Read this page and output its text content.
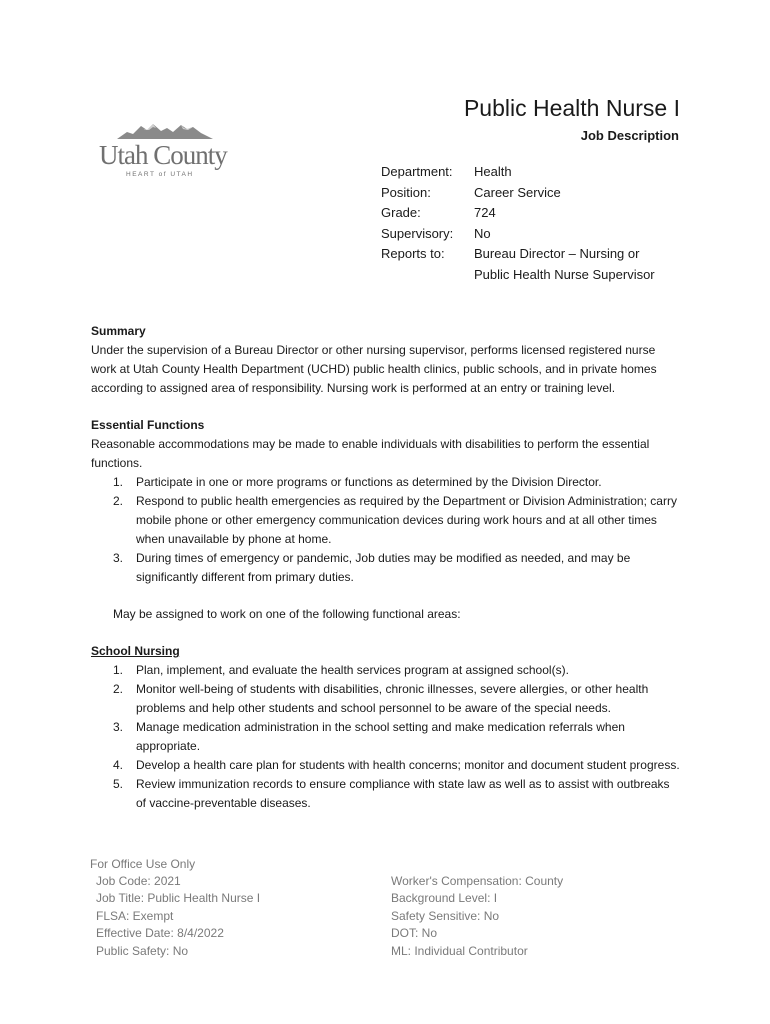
Utah County
HEART of UTAH
Public Health Nurse I
Job Description
Department:	Health
Position:	Career Service
Grade:	724
Supervisory:	No
Reports to:	Bureau Director – Nursing or Public Health Nurse Supervisor
Summary
Under the supervision of a Bureau Director or other nursing supervisor, performs licensed registered nurse work at Utah County Health Department (UCHD) public health clinics, public schools, and in private homes according to assigned area of responsibility. Nursing work is performed at an entry or training level.
Essential Functions
Reasonable accommodations may be made to enable individuals with disabilities to perform the essential functions.
1. Participate in one or more programs or functions as determined by the Division Director.
2. Respond to public health emergencies as required by the Department or Division Administration; carry mobile phone or other emergency communication devices during work hours and at all other times when unavailable by phone at home.
3. During times of emergency or pandemic, Job duties may be modified as needed, and may be significantly different from primary duties.
May be assigned to work on one of the following functional areas:
School Nursing
1. Plan, implement, and evaluate the health services program at assigned school(s).
2. Monitor well-being of students with disabilities, chronic illnesses, severe allergies, or other health problems and help other students and school personnel to be aware of the special needs.
3. Manage medication administration in the school setting and make medication referrals when appropriate.
4. Develop a health care plan for students with health concerns; monitor and document student progress.
5. Review immunization records to ensure compliance with state law as well as to assist with outbreaks of vaccine-preventable diseases.
For Office Use Only
Job Code: 2021
Job Title: Public Health Nurse I
FLSA: Exempt
Effective Date: 8/4/2022
Public Safety: No
Worker's Compensation: County
Background Level: I
Safety Sensitive: No
DOT: No
ML: Individual Contributor
